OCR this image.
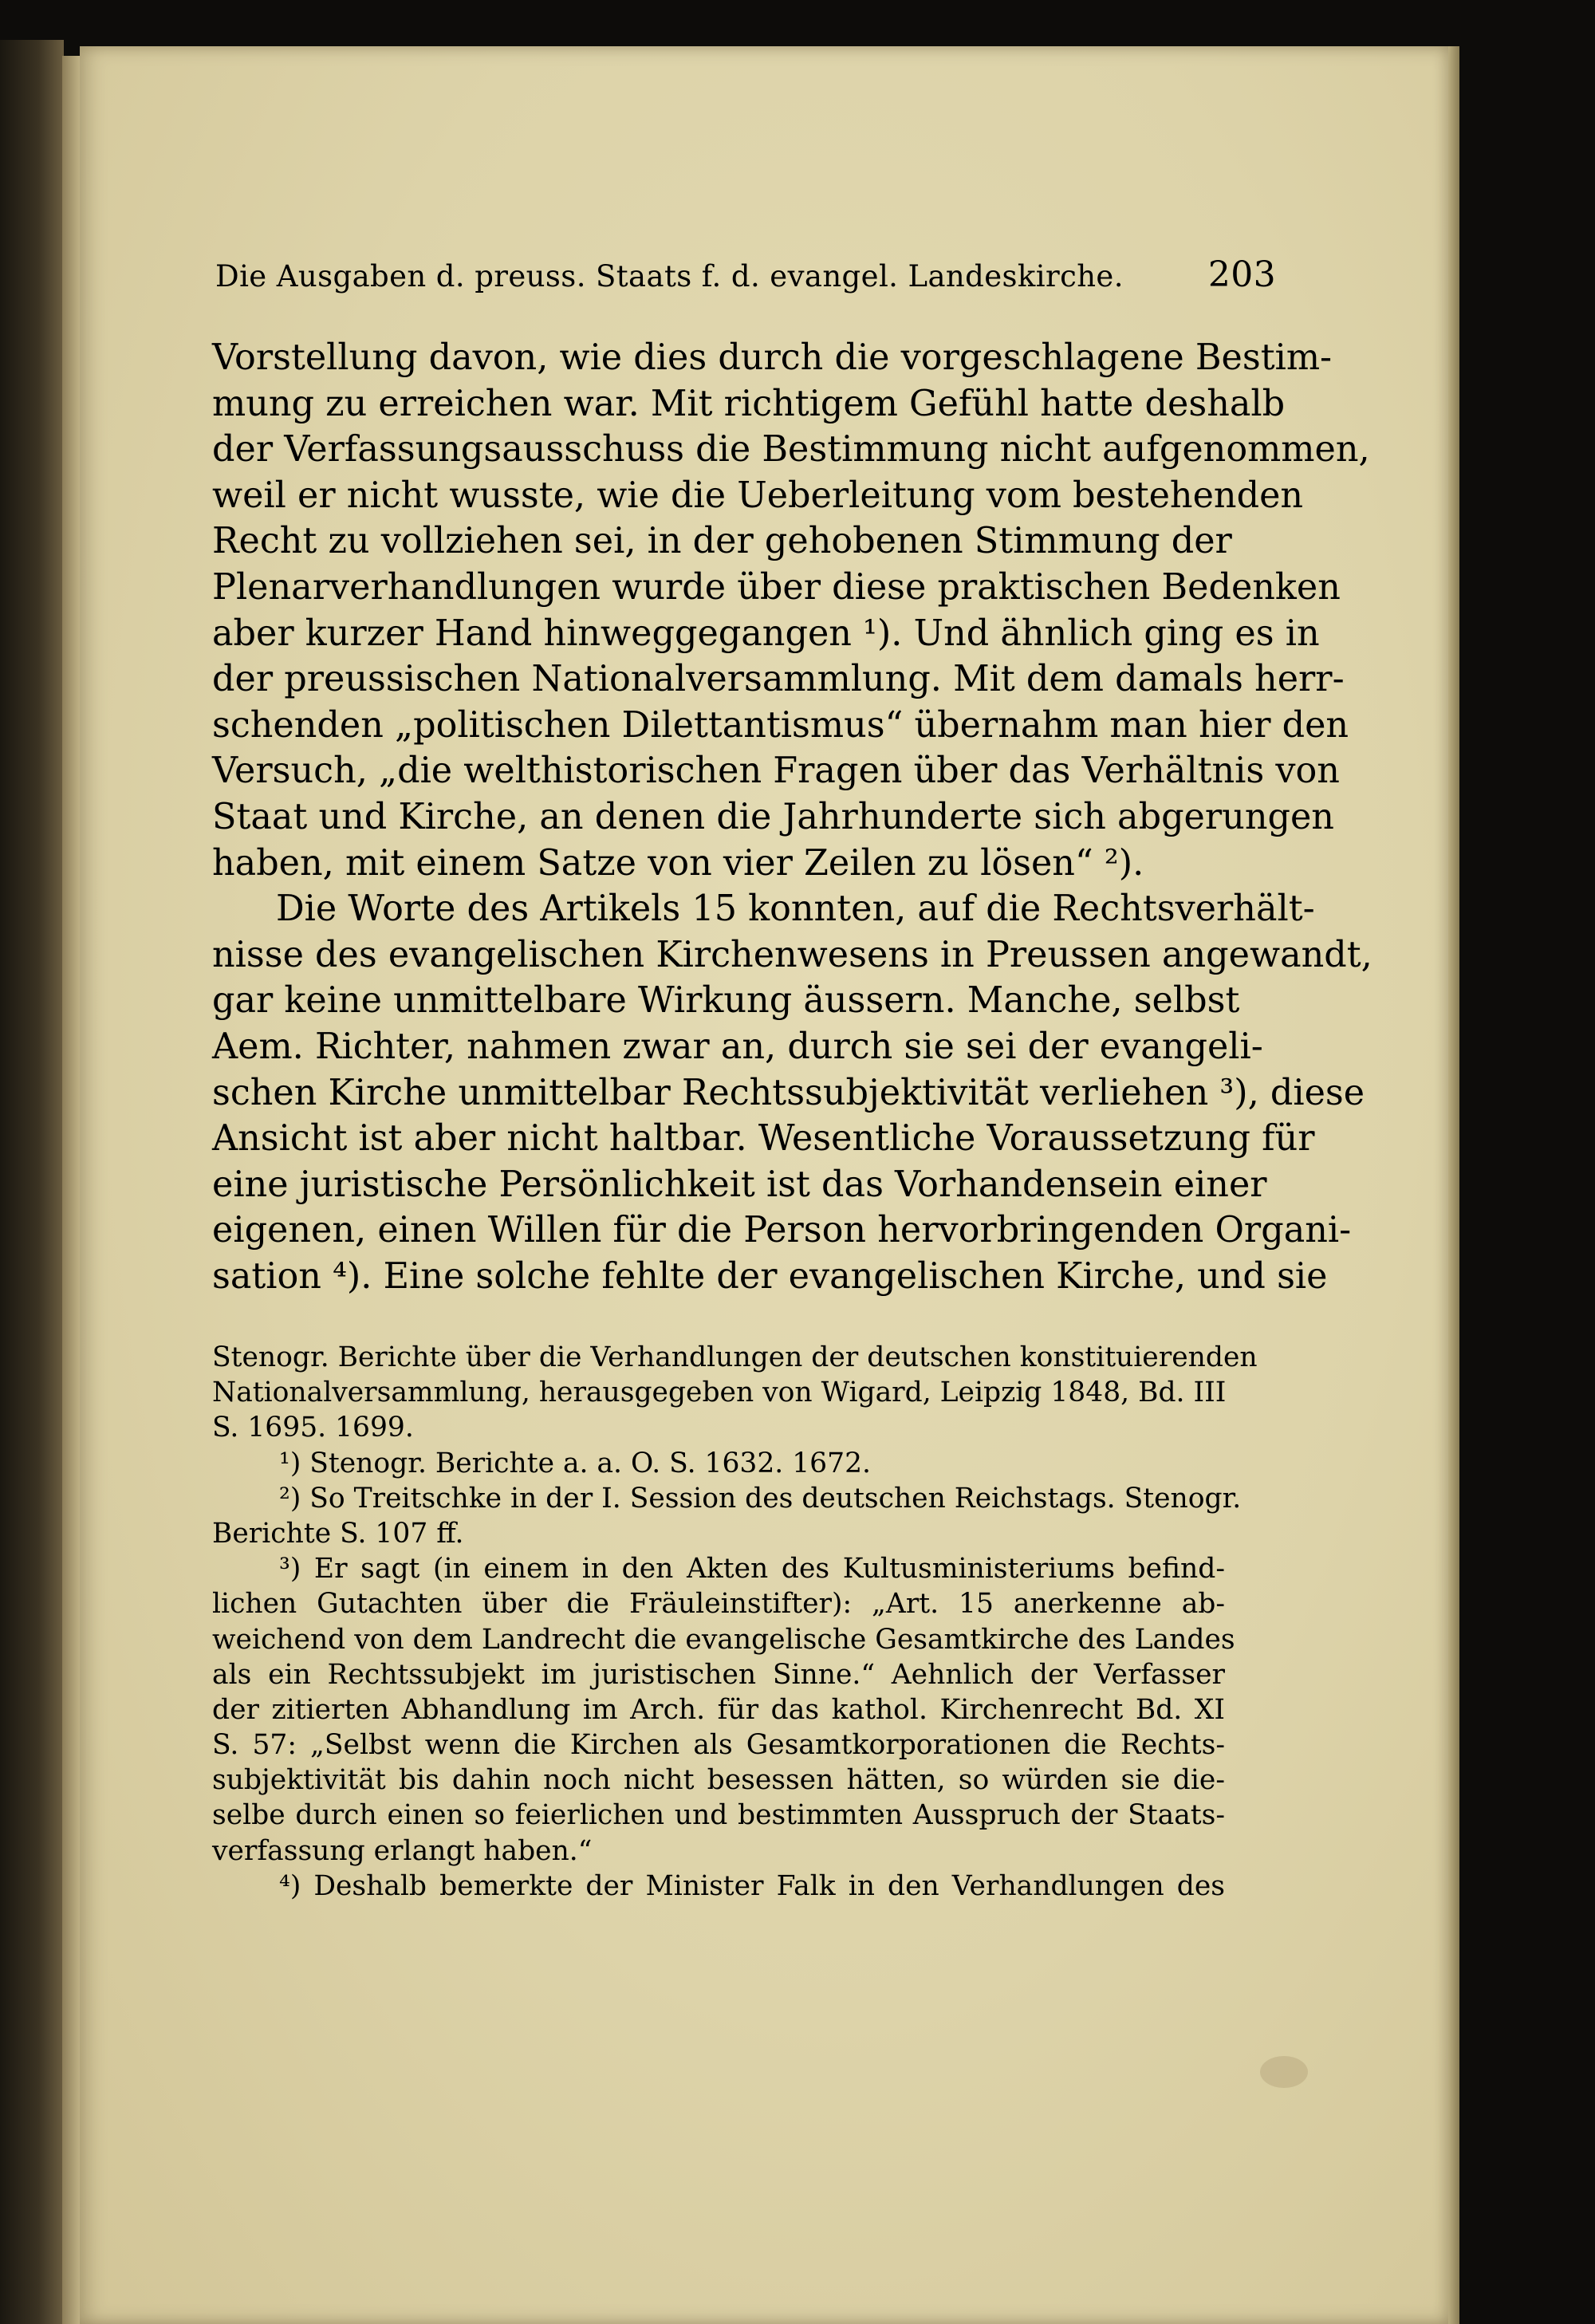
Die Ausgaben d. preuss. Staats f. d. evangel. Landeskirche. 203
Vorstellung davon, wie dies durch die vorgeschlagene Bestim-
mung zu erreichen war. Mit richtigem Gefühl hatte deshalb
der Verfassungsausschuss die Bestimmung nicht aufgenommen,
weil er nicht wusste, wie die Ueberleitung vom bestehenden
Recht zu vollziehen sei, in der gehobenen Stimmung der
Plenarverhandlungen wurde über diese praktischen Bedenken
aber kurzer Hand hinweggegangen ¹). Und ähnlich ging es in
der preussischen Nationalversammlung. Mit dem damals herr-
schenden „politischen Dilettantismus“ übernahm man hier den
Versuch, „die welthistorischen Fragen über das Verhältnis von
Staat und Kirche, an denen die Jahrhunderte sich abgerungen
haben, mit einem Satze von vier Zeilen zu lösen“ ²).
Die Worte des Artikels 15 konnten, auf die Rechtsverhält-
nisse des evangelischen Kirchenwesens in Preussen angewandt,
gar keine unmittelbare Wirkung äussern. Manche, selbst
Aem. Richter, nahmen zwar an, durch sie sei der evangeli-
schen Kirche unmittelbar Rechtssubjektivität verliehen ³), diese
Ansicht ist aber nicht haltbar. Wesentliche Voraussetzung für
eine juristische Persönlichkeit ist das Vorhandensein einer
eigenen, einen Willen für die Person hervorbringenden Organi-
sation ⁴). Eine solche fehlte der evangelischen Kirche, und sie
Stenogr. Berichte über die Verhandlungen der deutschen konstituierenden
Nationalversammlung, herausgegeben von Wigard, Leipzig 1848, Bd. III
S. 1695. 1699.
¹) Stenogr. Berichte a. a. O. S. 1632. 1672.
²) So Treitschke in der I. Session des deutschen Reichstags. Stenogr.
Berichte S. 107 ff.
³) Er sagt (in einem in den Akten des Kultusministeriums befind-
lichen Gutachten über die Fräuleinstifter): „Art. 15 anerkenne ab-
weichend von dem Landrecht die evangelische Gesamtkirche des Landes
als ein Rechtssubjekt im juristischen Sinne.“ Aehnlich der Verfasser
der zitierten Abhandlung im Arch. für das kathol. Kirchenrecht Bd. XI
S. 57: „Selbst wenn die Kirchen als Gesamtkorporationen die Rechts-
subjektivität bis dahin noch nicht besessen hätten, so würden sie die-
selbe durch einen so feierlichen und bestimmten Ausspruch der Staats-
verfassung erlangt haben.“
⁴) Deshalb bemerkte der Minister Falk in den Verhandlungen des
